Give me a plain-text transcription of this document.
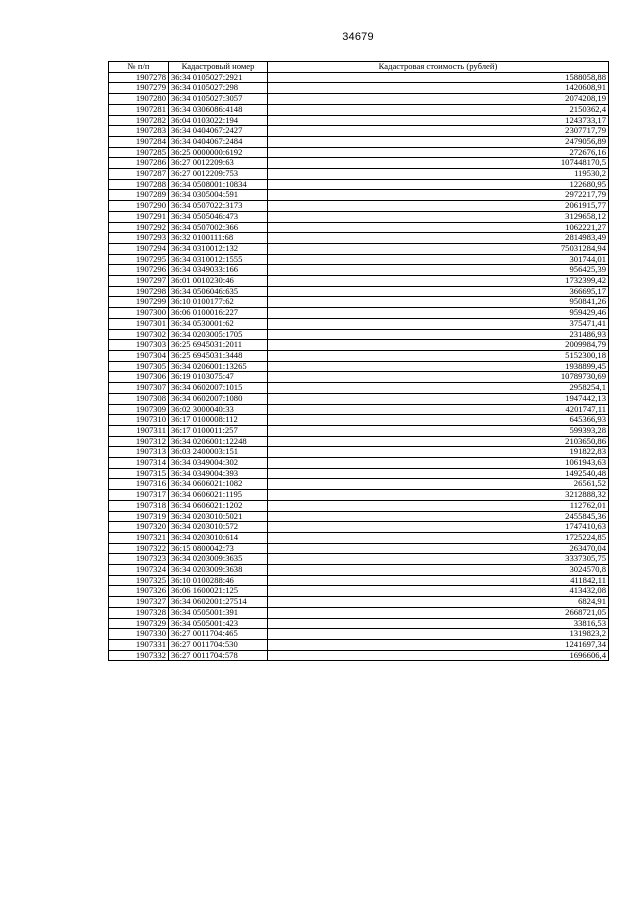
34679
№ п/п	Кадастровый номер	Кадастровая стоимость (рублей)
1907278	36:34 0105027:2921	1588058,88
1907279	36:34 0105027:298	1420608,91
1907280	36:34 0105027:3057	2074208,19
1907281	36:34 0306086:4148	2150362,4
1907282	36:04 0103022:194	1243733,17
1907283	36:34 0404067:2427	2307717,79
1907284	36:34 0404067:2484	2479056,89
1907285	36:25 0000000:6192	272676,16
1907286	36:27 0012209:63	107448170,5
1907287	36:27 0012209:753	119530,2
1907288	36:34 0508001:10834	122680,95
1907289	36:34 0305004:591	2972217,79
1907290	36:34 0507022:3173	2061915,77
1907291	36:34 0505046:473	3129658,12
1907292	36:34 0507002:366	1062221,27
1907293	36:32 0100111:68	2814983,49
1907294	36:34 0310012:132	75031284,94
1907295	36:34 0310012:1555	301744,01
1907296	36:34 0349033:166	956425,39
1907297	36:01 0010230:46	1732399,42
1907298	36:34 0506046:635	366695,17
1907299	36:10 0100177:62	950841,26
1907300	36:06 0100016:227	959429,46
1907301	36:34 0530001:62	375471,41
1907302	36:34 0203005:1705	231486,93
1907303	36:25 6945031:2011	2009984,79
1907304	36:25 6945031:3448	5152300,18
1907305	36:34 0206001:13265	1938899,45
1907306	36:19 0103075:47	10789730,69
1907307	36:34 0602007:1015	2958254,1
1907308	36:34 0602007:1080	1947442,13
1907309	36:02 3000040:33	4201747,11
1907310	36:17 0100008:112	645366,93
1907311	36:17 0100011:257	599393,28
1907312	36:34 0206001:12248	2103650,86
1907313	36:03 2400003:151	191822,83
1907314	36:34 0349004:302	1061943,63
1907315	36:34 0349004:393	1492540,48
1907316	36:34 0606021:1082	26561,52
1907317	36:34 0606021:1195	3212888,32
1907318	36:34 0606021:1202	112762,01
1907319	36:34 0203010:5021	2455845,36
1907320	36:34 0203010:572	1747410,63
1907321	36:34 0203010:614	1725224,85
1907322	36:15 0800042:73	263470,04
1907323	36:34 0203009:3635	3337305,75
1907324	36:34 0203009:3638	3024570,8
1907325	36:10 0100288:46	411842,11
1907326	36:06 1600021:125	413432,08
1907327	36:34 0602001:27514	6824,91
1907328	36:34 0505001:391	2668721,05
1907329	36:34 0505001:423	33816,53
1907330	36:27 0011704:465	1319823,2
1907331	36:27 0011704:530	1241697,34
1907332	36:27 0011704:578	1696606,4
